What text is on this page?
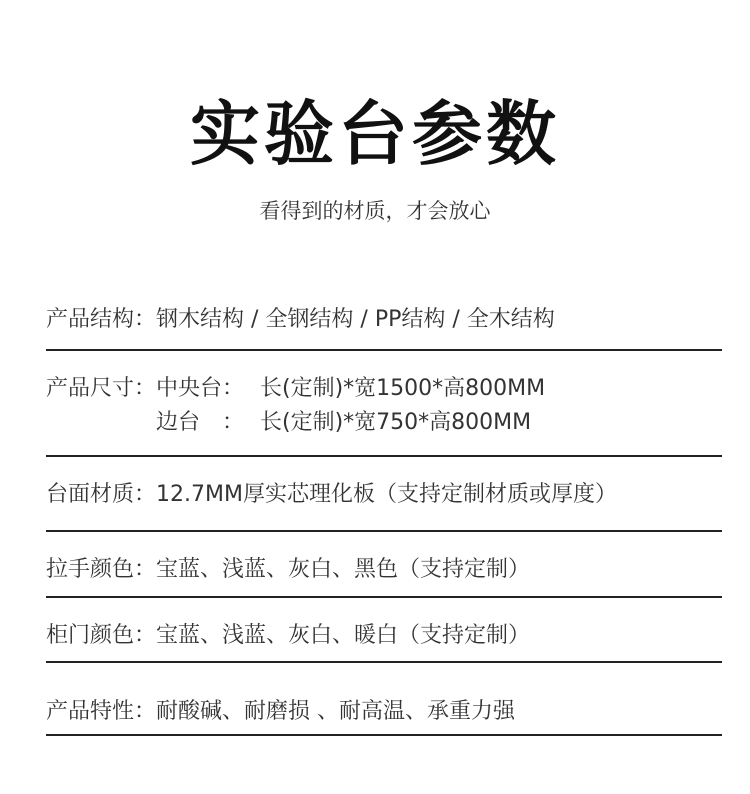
实验台参数
看得到的材质，才会放心
产品结构：钢木结构 / 全钢结构 / PP结构 / 全木结构
产品尺寸： 中央台： 长(定制)*宽1500*高800MM
边台　： 长(定制)*宽750*高800MM
台面材质：12.7MM厚实芯理化板（支持定制材质或厚度）
拉手颜色：宝蓝、浅蓝、灰白、黑色（支持定制）
柜门颜色：宝蓝、浅蓝、灰白、暖白（支持定制）
产品特性：耐酸碱、耐磨损 、耐高温、承重力强
